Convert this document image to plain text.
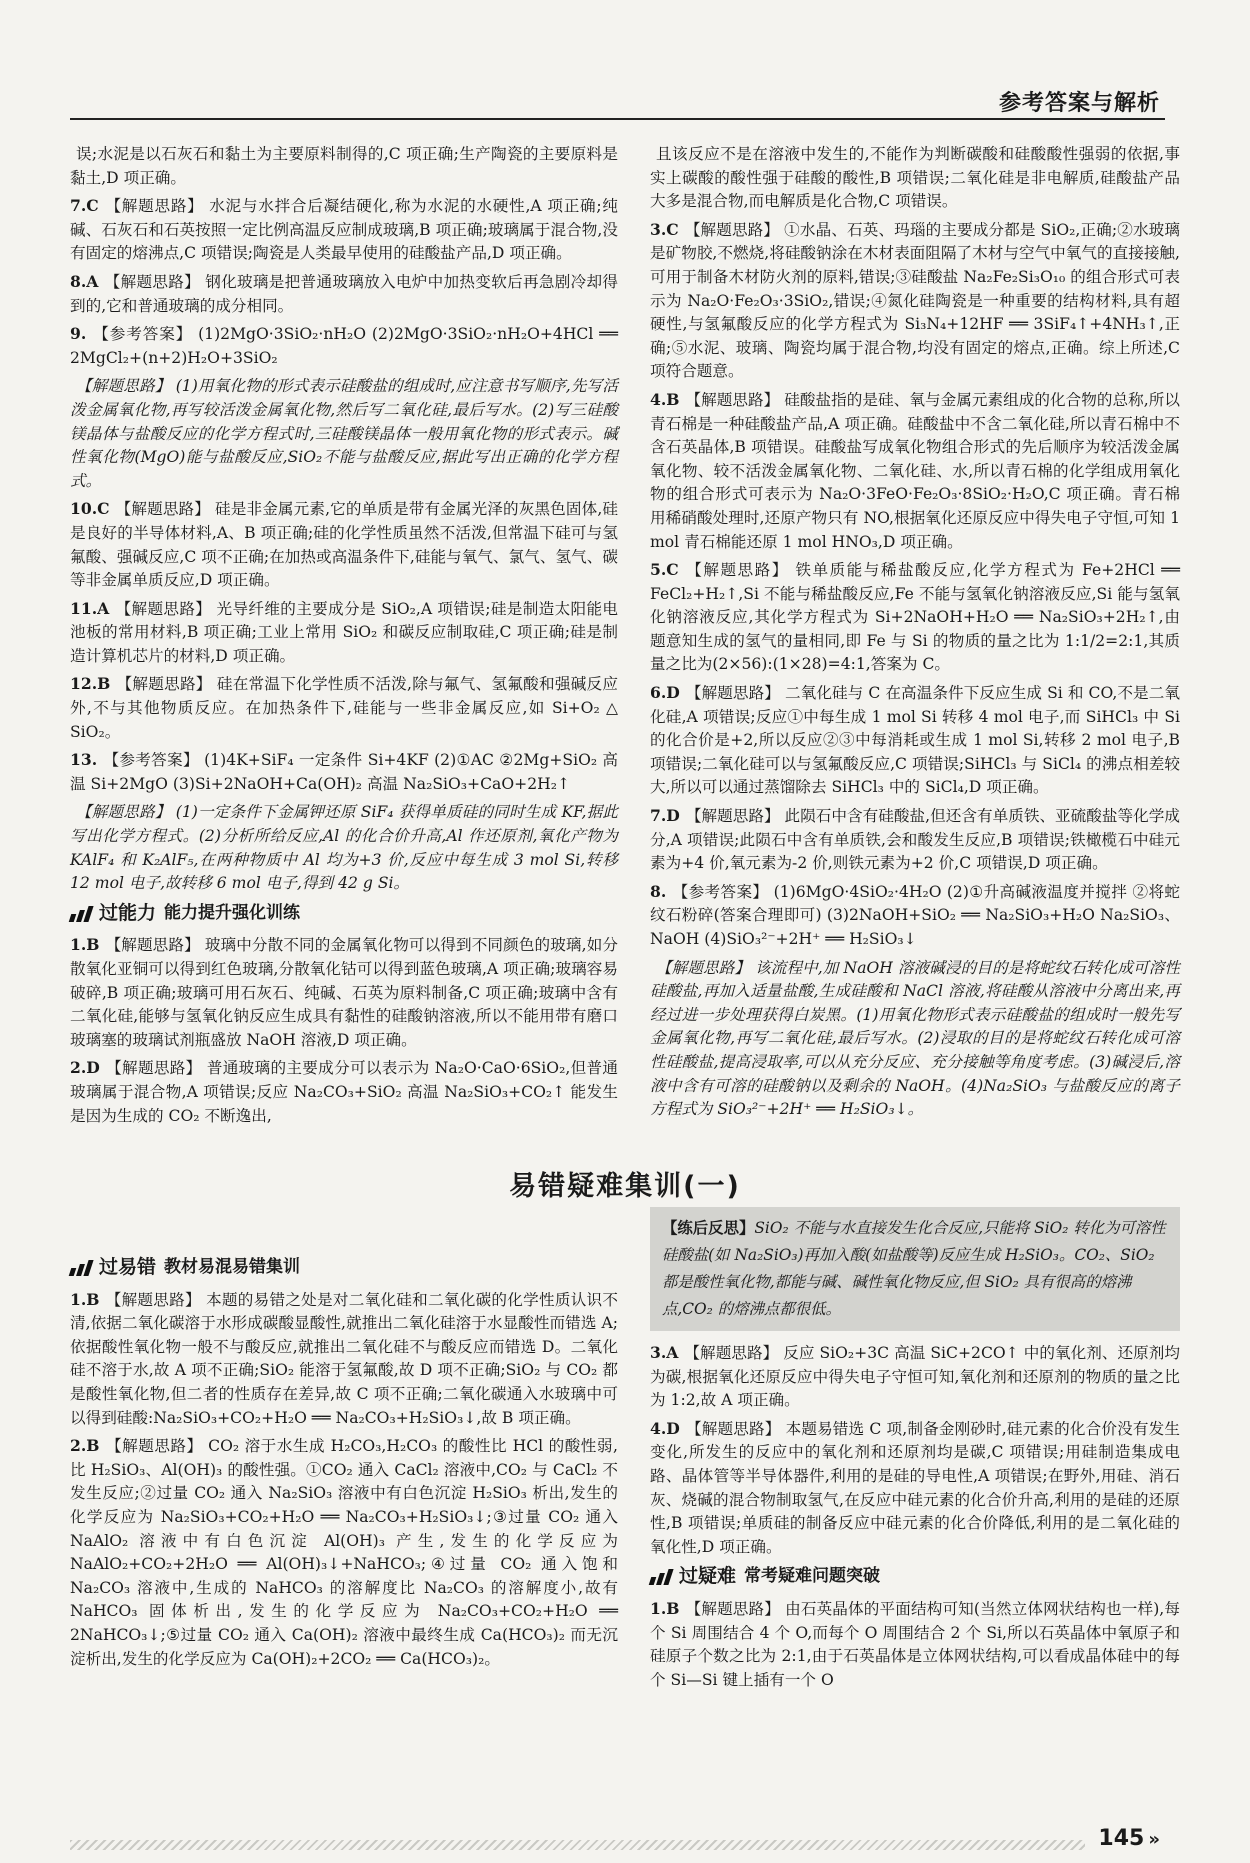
参考答案与解析

误;水泥是以石灰石和黏土为主要原料制得的,C 项正确;生产陶瓷的主要原料是黏土,D 项正确。

7.C 【解题思路】 水泥与水拌合后凝结硬化,称为水泥的水硬性,A 项正确;纯碱、石灰石和石英按照一定比例高温反应制成玻璃,B 项正确;玻璃属于混合物,没有固定的熔沸点,C 项错误;陶瓷是人类最早使用的硅酸盐产品,D 项正确。

8.A 【解题思路】 钢化玻璃是把普通玻璃放入电炉中加热变软后再急剧冷却得到的,它和普通玻璃的成分相同。

9. 【参考答案】 (1)2MgO·3SiO₂·nH₂O (2)2MgO·3SiO₂·nH₂O+4HCl ══ 2MgCl₂+(n+2)H₂O+3SiO₂

【解题思路】 (1)用氧化物的形式表示硅酸盐的组成时,应注意书写顺序,先写活泼金属氧化物,再写较活泼金属氧化物,然后写二氧化硅,最后写水。(2)写三硅酸镁晶体与盐酸反应的化学方程式时,三硅酸镁晶体一般用氧化物的形式表示。碱性氧化物(MgO)能与盐酸反应,SiO₂不能与盐酸反应,据此写出正确的化学方程式。

10.C 【解题思路】 硅是非金属元素,它的单质是带有金属光泽的灰黑色固体,硅是良好的半导体材料,A、B 项正确;硅的化学性质虽然不活泼,但常温下硅可与氢氟酸、强碱反应,C 项不正确;在加热或高温条件下,硅能与氧气、氯气、氢气、碳等非金属单质反应,D 项正确。

11.A 【解题思路】 光导纤维的主要成分是 SiO₂,A 项错误;硅是制造太阳能电池板的常用材料,B 项正确;工业上常用 SiO₂ 和碳反应制取硅,C 项正确;硅是制造计算机芯片的材料,D 项正确。

12.B 【解题思路】 硅在常温下化学性质不活泼,除与氟气、氢氟酸和强碱反应外,不与其他物质反应。在加热条件下,硅能与一些非金属反应,如 Si+O₂ △ SiO₂。

13. 【参考答案】 (1)4K+SiF₄ 一定条件 Si+4KF (2)①AC ②2Mg+SiO₂ 高温 Si+2MgO (3)Si+2NaOH+Ca(OH)₂ 高温 Na₂SiO₃+CaO+2H₂↑

【解题思路】 (1)一定条件下金属钾还原 SiF₄ 获得单质硅的同时生成 KF,据此写出化学方程式。(2)分析所给反应,Al 的化合价升高,Al 作还原剂,氧化产物为 KAlF₄ 和 K₂AlF₅,在两种物质中 Al 均为+3 价,反应中每生成 3 mol Si,转移 12 mol 电子,故转移 6 mol 电子,得到 42 g Si。

过能力 能力提升强化训练

1.B 【解题思路】 玻璃中分散不同的金属氧化物可以得到不同颜色的玻璃,如分散氧化亚铜可以得到红色玻璃,分散氧化钴可以得到蓝色玻璃,A 项正确;玻璃容易破碎,B 项正确;玻璃可用石灰石、纯碱、石英为原料制备,C 项正确;玻璃中含有二氧化硅,能够与氢氧化钠反应生成具有黏性的硅酸钠溶液,所以不能用带有磨口玻璃塞的玻璃试剂瓶盛放 NaOH 溶液,D 项正确。

2.D 【解题思路】 普通玻璃的主要成分可以表示为 Na₂O·CaO·6SiO₂,但普通玻璃属于混合物,A 项错误;反应 Na₂CO₃+SiO₂ 高温 Na₂SiO₃+CO₂↑ 能发生是因为生成的 CO₂ 不断逸出,

且该反应不是在溶液中发生的,不能作为判断碳酸和硅酸酸性强弱的依据,事实上碳酸的酸性强于硅酸的酸性,B 项错误;二氧化硅是非电解质,硅酸盐产品大多是混合物,而电解质是化合物,C 项错误。

3.C 【解题思路】 ①水晶、石英、玛瑙的主要成分都是 SiO₂,正确;②水玻璃是矿物胶,不燃烧,将硅酸钠涂在木材表面阻隔了木材与空气中氧气的直接接触,可用于制备木材防火剂的原料,错误;③硅酸盐 Na₂Fe₂Si₃O₁₀ 的组合形式可表示为 Na₂O·Fe₂O₃·3SiO₂,错误;④氮化硅陶瓷是一种重要的结构材料,具有超硬性,与氢氟酸反应的化学方程式为 Si₃N₄+12HF ══ 3SiF₄↑+4NH₃↑,正确;⑤水泥、玻璃、陶瓷均属于混合物,均没有固定的熔点,正确。综上所述,C 项符合题意。

4.B 【解题思路】 硅酸盐指的是硅、氧与金属元素组成的化合物的总称,所以青石棉是一种硅酸盐产品,A 项正确。硅酸盐中不含二氧化硅,所以青石棉中不含石英晶体,B 项错误。硅酸盐写成氧化物组合形式的先后顺序为较活泼金属氧化物、较不活泼金属氧化物、二氧化硅、水,所以青石棉的化学组成用氧化物的组合形式可表示为 Na₂O·3FeO·Fe₂O₃·8SiO₂·H₂O,C 项正确。青石棉用稀硝酸处理时,还原产物只有 NO,根据氧化还原反应中得失电子守恒,可知 1 mol 青石棉能还原 1 mol HNO₃,D 项正确。

5.C 【解题思路】 铁单质能与稀盐酸反应,化学方程式为 Fe+2HCl ══ FeCl₂+H₂↑,Si 不能与稀盐酸反应,Fe 不能与氢氧化钠溶液反应,Si 能与氢氧化钠溶液反应,其化学方程式为 Si+2NaOH+H₂O ══ Na₂SiO₃+2H₂↑,由题意知生成的氢气的量相同,即 Fe 与 Si 的物质的量之比为 1:1/2=2:1,其质量之比为(2×56):(1×28)=4:1,答案为 C。

6.D 【解题思路】 二氧化硅与 C 在高温条件下反应生成 Si 和 CO,不是二氧化硅,A 项错误;反应①中每生成 1 mol Si 转移 4 mol 电子,而 SiHCl₃ 中 Si 的化合价是+2,所以反应②③中每消耗或生成 1 mol Si,转移 2 mol 电子,B 项错误;二氧化硅可以与氢氟酸反应,C 项错误;SiHCl₃ 与 SiCl₄ 的沸点相差较大,所以可以通过蒸馏除去 SiHCl₃ 中的 SiCl₄,D 项正确。

7.D 【解题思路】 此陨石中含有硅酸盐,但还含有单质铁、亚硫酸盐等化学成分,A 项错误;此陨石中含有单质铁,会和酸发生反应,B 项错误;铁橄榄石中硅元素为+4 价,氧元素为-2 价,则铁元素为+2 价,C 项错误,D 项正确。

8. 【参考答案】 (1)6MgO·4SiO₂·4H₂O (2)①升高碱液温度并搅拌 ②将蛇纹石粉碎(答案合理即可) (3)2NaOH+SiO₂ ══ Na₂SiO₃+H₂O Na₂SiO₃、NaOH (4)SiO₃²⁻+2H⁺ ══ H₂SiO₃↓

【解题思路】 该流程中,加 NaOH 溶液碱浸的目的是将蛇纹石转化成可溶性硅酸盐,再加入适量盐酸,生成硅酸和 NaCl 溶液,将硅酸从溶液中分离出来,再经过进一步处理获得白炭黑。(1)用氧化物形式表示硅酸盐的组成时一般先写金属氧化物,再写二氧化硅,最后写水。(2)浸取的目的是将蛇纹石转化成可溶性硅酸盐,提高浸取率,可以从充分反应、充分接触等角度考虑。(3)碱浸后,溶液中含有可溶的硅酸钠以及剩余的 NaOH。(4)Na₂SiO₃ 与盐酸反应的离子方程式为 SiO₃²⁻+2H⁺ ══ H₂SiO₃↓。

易错疑难集训(一)
过易错 教材易混易错集训

1.B 【解题思路】 本题的易错之处是对二氧化硅和二氧化碳的化学性质认识不清,依据二氧化碳溶于水形成碳酸显酸性,就推出二氧化硅溶于水显酸性而错选 A;依据酸性氧化物一般不与酸反应,就推出二氧化硅不与酸反应而错选 D。二氧化硅不溶于水,故 A 项不正确;SiO₂ 能溶于氢氟酸,故 D 项不正确;SiO₂ 与 CO₂ 都是酸性氧化物,但二者的性质存在差异,故 C 项不正确;二氧化碳通入水玻璃中可以得到硅酸:Na₂SiO₃+CO₂+H₂O ══ Na₂CO₃+H₂SiO₃↓,故 B 项正确。

2.B 【解题思路】 CO₂ 溶于水生成 H₂CO₃,H₂CO₃ 的酸性比 HCl 的酸性弱,比 H₂SiO₃、Al(OH)₃ 的酸性强。①CO₂ 通入 CaCl₂ 溶液中,CO₂ 与 CaCl₂ 不发生反应;②过量 CO₂ 通入 Na₂SiO₃ 溶液中有白色沉淀 H₂SiO₃ 析出,发生的化学反应为 Na₂SiO₃+CO₂+H₂O ══ Na₂CO₃+H₂SiO₃↓;③过量 CO₂ 通入 NaAlO₂ 溶液中有白色沉淀 Al(OH)₃ 产生,发生的化学反应为 NaAlO₂+CO₂+2H₂O ══ Al(OH)₃↓+NaHCO₃;④过量 CO₂ 通入饱和 Na₂CO₃ 溶液中,生成的 NaHCO₃ 的溶解度比 Na₂CO₃ 的溶解度小,故有 NaHCO₃ 固体析出,发生的化学反应为 Na₂CO₃+CO₂+H₂O ══ 2NaHCO₃↓;⑤过量 CO₂ 通入 Ca(OH)₂ 溶液中最终生成 Ca(HCO₃)₂ 而无沉淀析出,发生的化学反应为 Ca(OH)₂+2CO₂ ══ Ca(HCO₃)₂。

【练后反思】SiO₂ 不能与水直接发生化合反应,只能将 SiO₂ 转化为可溶性硅酸盐(如 Na₂SiO₃)再加入酸(如盐酸等)反应生成 H₂SiO₃。CO₂、SiO₂ 都是酸性氧化物,都能与碱、碱性氧化物反应,但 SiO₂ 具有很高的熔沸点,CO₂ 的熔沸点都很低。

3.A 【解题思路】 反应 SiO₂+3C 高温 SiC+2CO↑ 中的氧化剂、还原剂均为碳,根据氧化还原反应中得失电子守恒可知,氧化剂和还原剂的物质的量之比为 1:2,故 A 项正确。

4.D 【解题思路】 本题易错选 C 项,制备金刚砂时,硅元素的化合价没有发生变化,所发生的反应中的氧化剂和还原剂均是碳,C 项错误;用硅制造集成电路、晶体管等半导体器件,利用的是硅的导电性,A 项错误;在野外,用硅、消石灰、烧碱的混合物制取氢气,在反应中硅元素的化合价升高,利用的是硅的还原性,B 项错误;单质硅的制备反应中硅元素的化合价降低,利用的是二氧化硅的氧化性,D 项正确。

过疑难 常考疑难问题突破

1.B 【解题思路】 由石英晶体的平面结构可知(当然立体网状结构也一样),每个 Si 周围结合 4 个 O,而每个 O 周围结合 2 个 Si,所以石英晶体中氧原子和硅原子个数之比为 2:1,由于石英晶体是立体网状结构,可以看成晶体硅中的每个 Si—Si 键上插有一个 O

145 »
